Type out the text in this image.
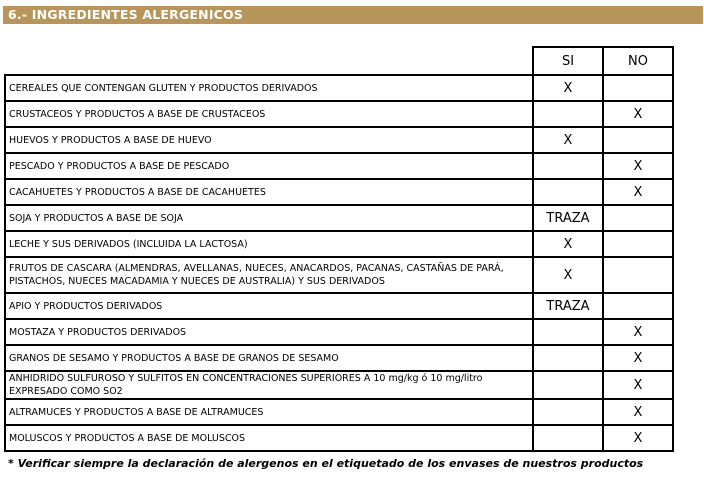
6.- INGREDIENTES ALERGENICOS
	SI	NO
CEREALES QUE CONTENGAN GLUTEN Y PRODUCTOS DERIVADOS	X	
CRUSTACEOS Y PRODUCTOS A BASE DE CRUSTACEOS		X
HUEVOS Y PRODUCTOS A BASE DE HUEVO	X	
PESCADO Y PRODUCTOS A BASE DE PESCADO		X
CACAHUETES Y PRODUCTOS A BASE DE CACAHUETES		X
SOJA Y PRODUCTOS A BASE DE SOJA	TRAZA	
LECHE Y SUS DERIVADOS (INCLUIDA LA LACTOSA)	X	
FRUTOS DE CASCARA (ALMENDRAS, AVELLANAS, NUECES, ANACARDOS, PACANAS, CASTAÑAS DE PARÁ, PISTACHOS, NUECES MACADAMIA Y NUECES DE AUSTRALIA) Y SUS DERIVADOS	X	
APIO Y PRODUCTOS DERIVADOS	TRAZA	
MOSTAZA Y PRODUCTOS DERIVADOS		X
GRANOS DE SESAMO Y PRODUCTOS A BASE DE GRANOS DE SESAMO		X
ANHIDRIDO SULFUROSO Y SULFITOS EN CONCENTRACIONES SUPERIORES A 10 mg/kg ó 10 mg/litro EXPRESADO COMO SO2		X
ALTRAMUCES Y PRODUCTOS A BASE DE ALTRAMUCES		X
MOLUSCOS Y PRODUCTOS A BASE DE MOLUSCOS		X
* Verificar siempre la declaración de alergenos en el etiquetado de los envases de nuestros productos
